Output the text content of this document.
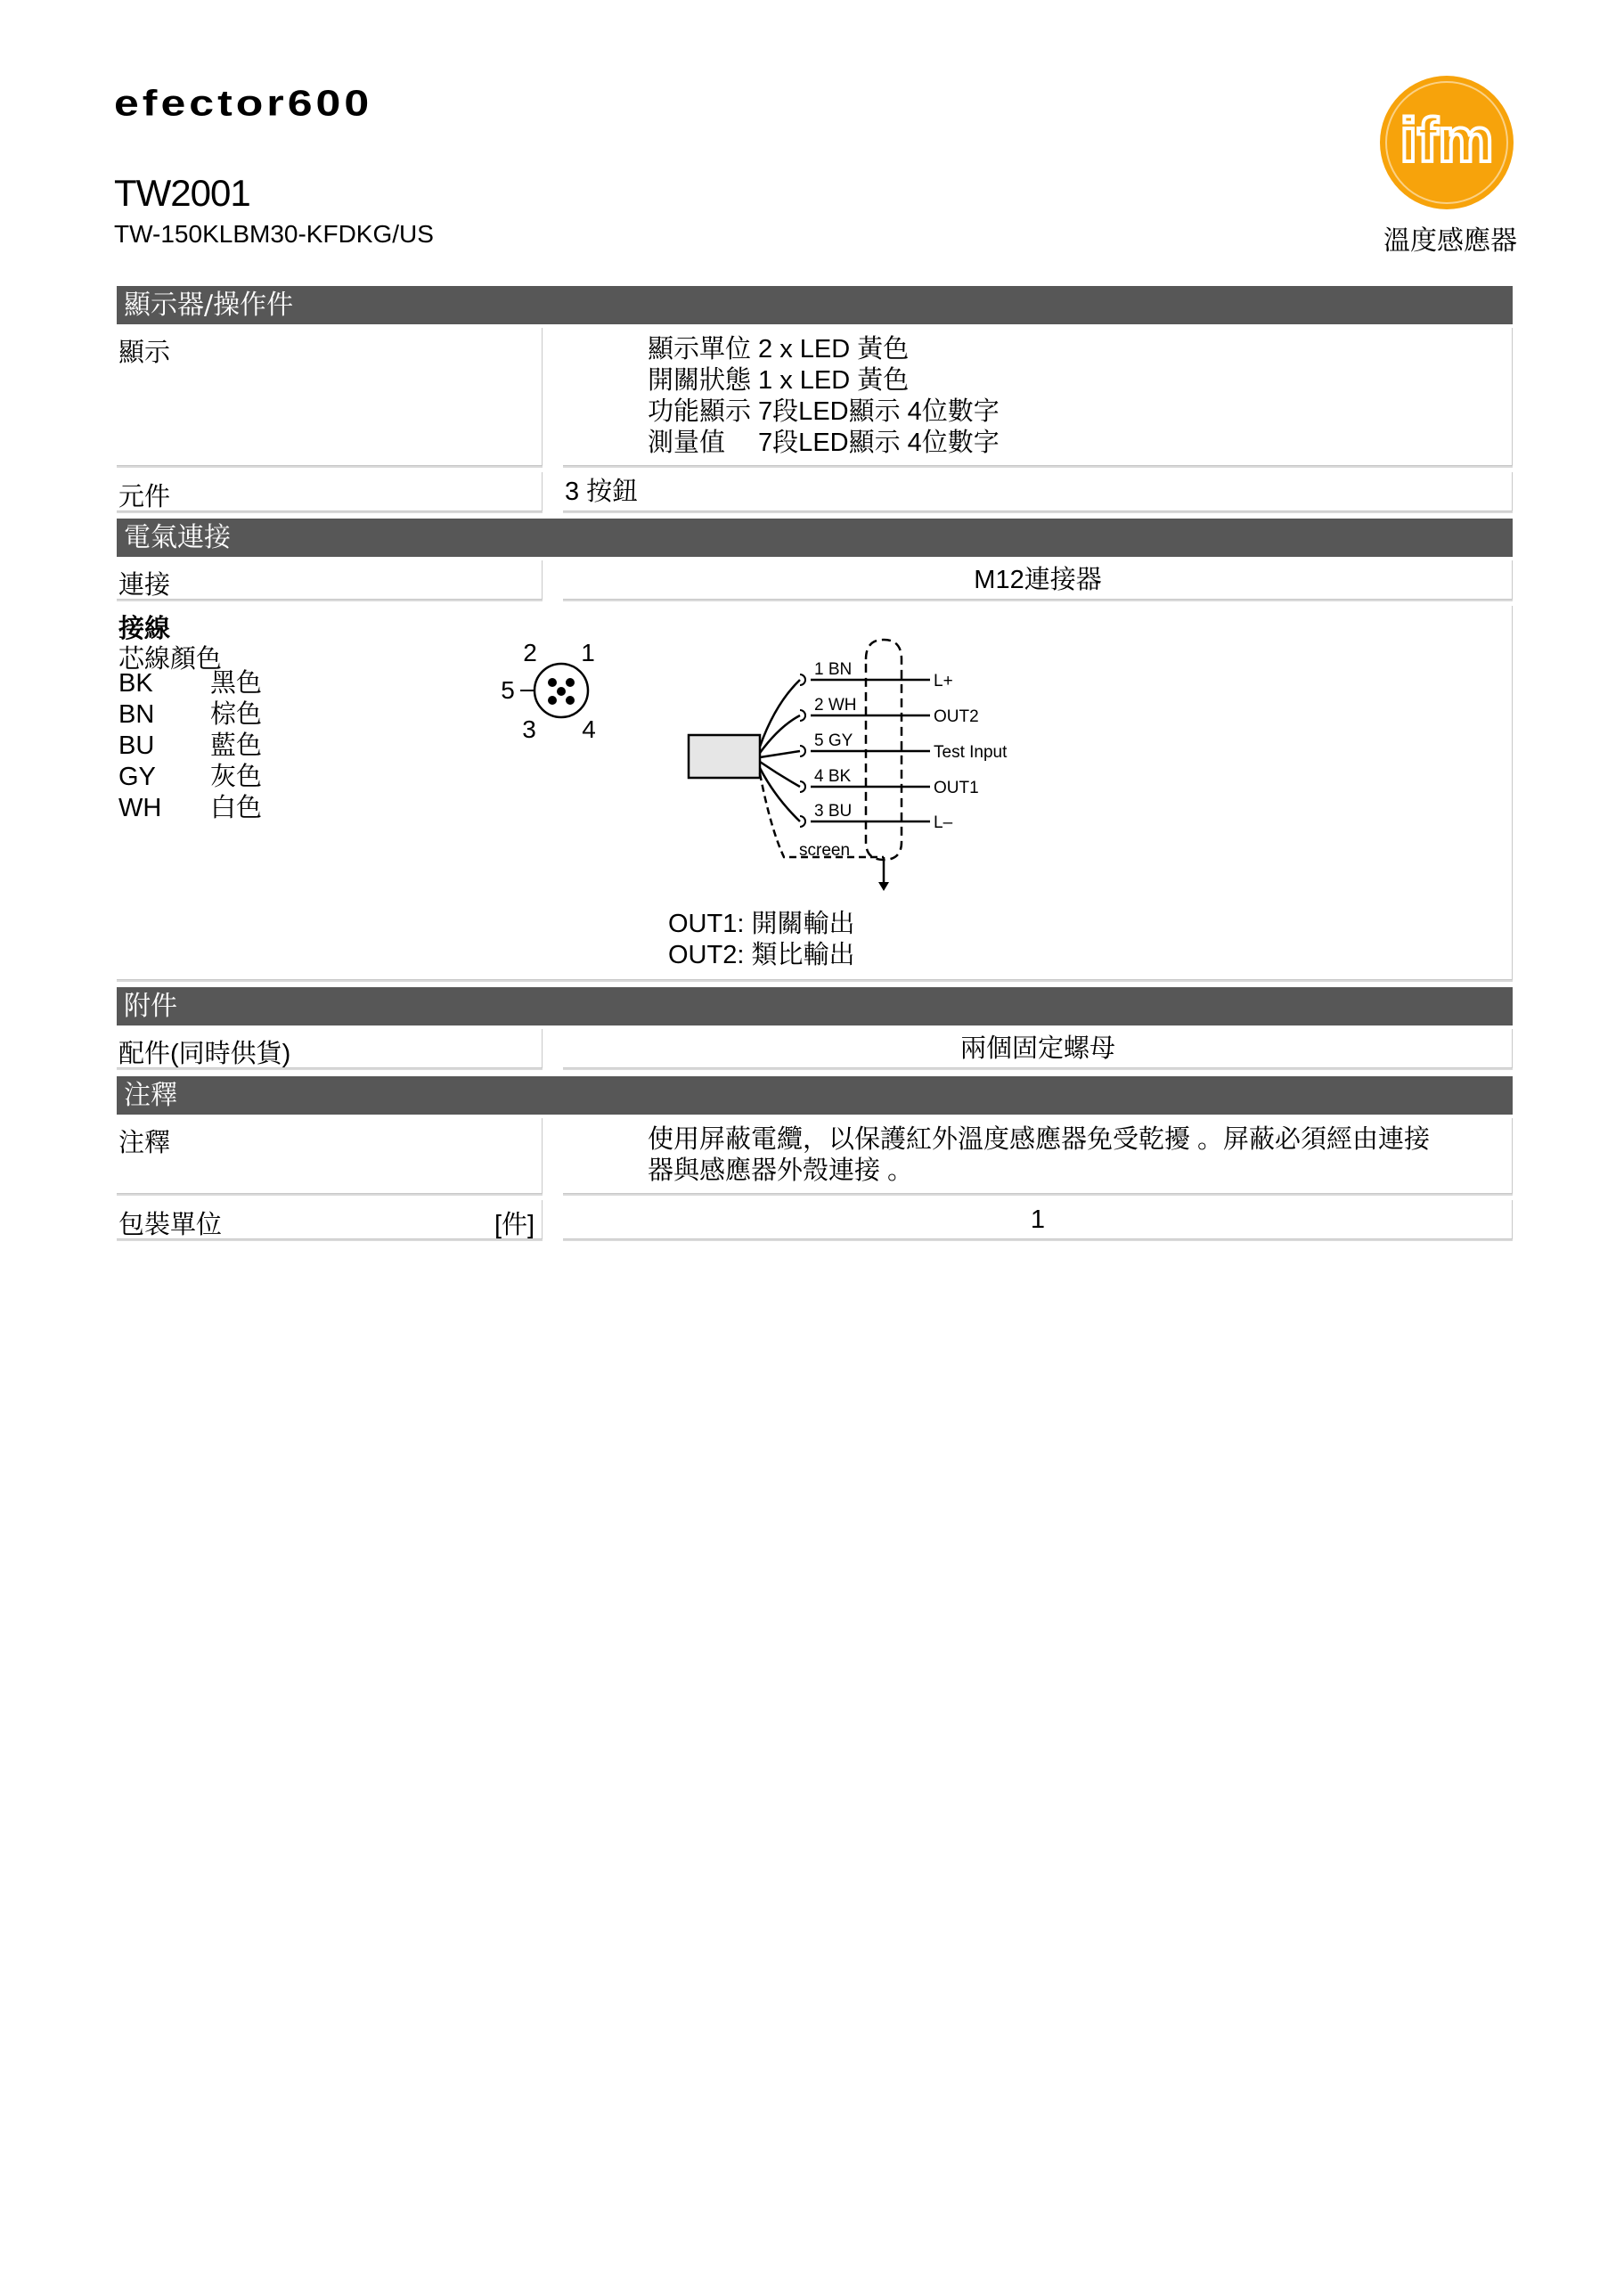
efector600
TW2001
TW-150KLBM30-KFDKG/US
ifm
溫度感應器
顯示器/操作件
顯示	顯示單位 2 x LED 黃色
開關狀態 1 x LED 黃色
功能顯示 7段LED顯示 4位數字
測量值　 7段LED顯示 4位數字
元件	3 按鈕
電氣連接
連接	M12連接器
接線
芯線顏色
BK	黑色
BN	棕色
BU	藍色
GY	灰色
WH	白色
2 1
5
3 4
1 BN
2 WH
5 GY
4 BK
3 BU
screen
L+
OUT2
Test Input
OUT1
L–
OUT1: 開關輸出
OUT2: 類比輸出
附件
配件(同時供貨)	兩個固定螺母
注釋
注釋	使用屏蔽電纜，以保護紅外溫度感應器免受乾擾 。屏蔽必須經由連接
器與感應器外殼連接 。
包裝單位	[件]	1
